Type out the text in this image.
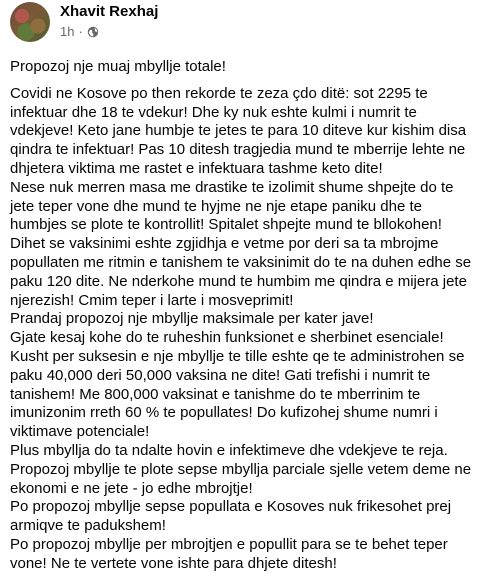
Xhavit Rexhaj
1h ·

Propozoj nje muaj mbyllje totale!

Covidi ne Kosove po then rekorde te zeza çdo ditë: sot 2295 te infektuar dhe 18 te vdekur! Dhe ky nuk eshte kulmi i numrit te vdekjeve! Keto jane humbje te jetes te para 10 diteve kur kishim disa qindra te infektuar! Pas 10 ditesh tragjedia mund te mberrije lehte ne dhjetera viktima me rastet e infektuara tashme keto dite!

Nese nuk merren masa me drastike te izolimit shume shpejte do te jete teper vone dhe mund te hyjme ne nje etape paniku dhe te humbjes se plote te kontrollit! Spitalet shpejte mund te bllokohen!

Dihet se vaksinimi eshte zgjidhja e vetme por deri sa ta mbrojme popullaten me ritmin e tanishem te vaksinimit do te na duhen edhe se paku 120 dite. Ne nderkohe mund te humbim me qindra e mijera jete njerezish! Cmim teper i larte i mosveprimit!

Prandaj propozoj nje mbyllje maksimale per kater jave!

Gjate kesaj kohe do te ruheshin funksionet e sherbinet esenciale!

Kusht per suksesin e nje mbyllje te tille eshte qe te administrohen se paku 40,000 deri 50,000 vaksina ne dite! Gati trefishi i numrit te tanishem! Me 800,000 vaksinat e tanishme do te mberrinim te imunizonim rreth 60 % te popullates! Do kufizohej shume numri i viktimave potenciale!

Plus mbyllja do ta ndalte hovin e infektimeve dhe vdekjeve te reja.

Propozoj mbyllje te plote sepse mbyllja parciale sjelle vetem deme ne ekonomi e ne jete - jo edhe mbrojtje!

Po propozoj mbyllje sepse popullata e Kosoves nuk frikesohet prej armiqve te padukshem!

Po propozoj mbyllje per mbrojtjen e popullit para se te behet teper vone! Ne te vertete vone ishte para dhjete ditesh!
